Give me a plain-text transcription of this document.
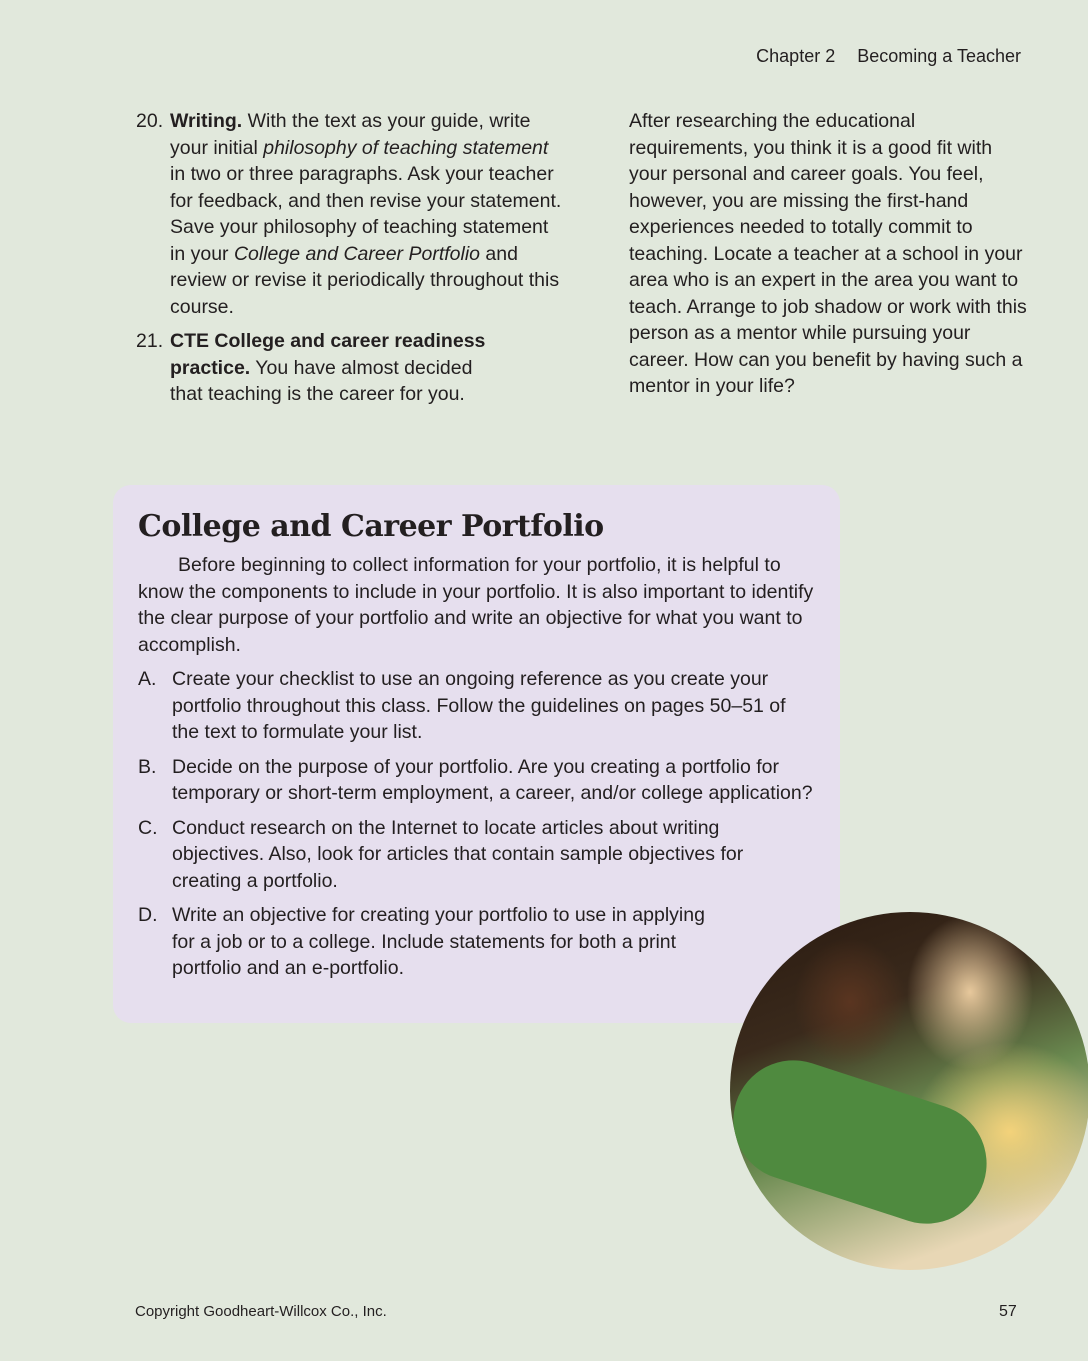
Chapter 2 Becoming a Teacher
20. Writing. With the text as your guide, write your initial philosophy of teaching statement in two or three paragraphs. Ask your teacher for feedback, and then revise your statement. Save your philosophy of teaching statement in your College and Career Portfolio and review or revise it periodically throughout this course.
21. CTE College and career readiness practice. You have almost decided that teaching is the career for you.
After researching the educational requirements, you think it is a good fit with your personal and career goals. You feel, however, you are missing the first-hand experiences needed to totally commit to teaching. Locate a teacher at a school in your area who is an expert in the area you want to teach. Arrange to job shadow or work with this person as a mentor while pursuing your career. How can you benefit by having such a mentor in your life?
College and Career Portfolio
Before beginning to collect information for your portfolio, it is helpful to know the components to include in your portfolio. It is also important to identify the clear purpose of your portfolio and write an objective for what you want to accomplish.
A. Create your checklist to use an ongoing reference as you create your portfolio throughout this class. Follow the guidelines on pages 50–51 of the text to formulate your list.
B. Decide on the purpose of your portfolio. Are you creating a portfolio for temporary or short-term employment, a career, and/or college application?
C. Conduct research on the Internet to locate articles about writing objectives. Also, look for articles that contain sample objectives for creating a portfolio.
D. Write an objective for creating your portfolio to use in applying for a job or to a college. Include statements for both a print portfolio and an e-portfolio.
Copyright Goodheart-Willcox Co., Inc.	57
